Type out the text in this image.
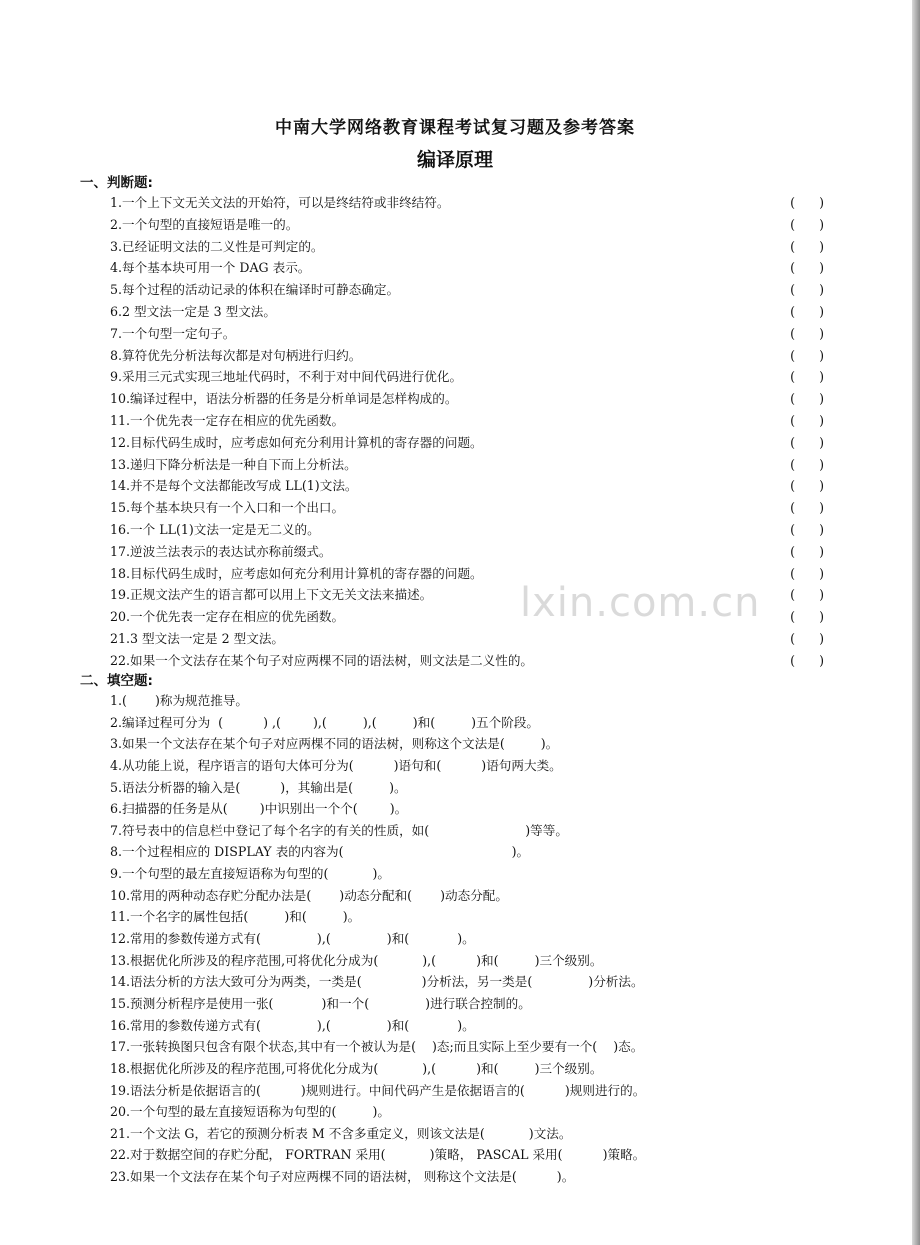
中南大学网络教育课程考试复习题及参考答案
编译原理
一、判断题:
1.一个上下文无关文法的开始符，可以是终结符或非终结符。	(      )
2.一个句型的直接短语是唯一的。	(      )
3.已经证明文法的二义性是可判定的。	(      )
4.每个基本块可用一个 DAG 表示。	(      )
5.每个过程的活动记录的体积在编译时可静态确定。	(      )
6.2 型文法一定是 3 型文法。	(      )
7.一个句型一定句子。	(      )
8.算符优先分析法每次都是对句柄进行归约。	(      )
9.采用三元式实现三地址代码时，不利于对中间代码进行优化。	(      )
10.编译过程中，语法分析器的任务是分析单词是怎样构成的。	(      )
11.一个优先表一定存在相应的优先函数。	(      )
12.目标代码生成时，应考虑如何充分利用计算机的寄存器的问题。	(      )
13.递归下降分析法是一种自下而上分析法。	(      )
14.并不是每个文法都能改写成 LL(1)文法。	(      )
15.每个基本块只有一个入口和一个出口。	(      )
16.一个 LL(1)文法一定是无二义的。	(      )
17.逆波兰法表示的表达试亦称前缀式。	(      )
18.目标代码生成时，应考虑如何充分利用计算机的寄存器的问题。	(      )
19.正规文法产生的语言都可以用上下文无关文法来描述。	(      )
20.一个优先表一定存在相应的优先函数。	(      )
21.3 型文法一定是 2 型文法。	(      )
22.如果一个文法存在某个句子对应两棵不同的语法树，则文法是二义性的。	(      )
二、填空题:
1.(       )称为规范推导。
2.编译过程可分为  (          ) ,(        ),(         ),(         )和(         )五个阶段。
3.如果一个文法存在某个句子对应两棵不同的语法树，则称这个文法是(         )。
4.从功能上说，程序语言的语句大体可分为(          )语句和(          )语句两大类。
5.语法分析器的输入是(          )，其输出是(         )。
6.扫描器的任务是从(        )中识别出一个个(        )。
7.符号表中的信息栏中登记了每个名字的有关的性质，如(                        )等等。
8.一个过程相应的 DISPLAY 表的内容为(                                          )。
9.一个句型的最左直接短语称为句型的(           )。
10.常用的两种动态存贮分配办法是(       )动态分配和(       )动态分配。
11.一个名字的属性包括(         )和(         )。
12.常用的参数传递方式有(              ),(              )和(            )。
13.根据优化所涉及的程序范围,可将优化分成为(           ),(          )和(         )三个级别。
14.语法分析的方法大致可分为两类，一类是(               )分析法，另一类是(              )分析法。
15.预测分析程序是使用一张(            )和一个(              )进行联合控制的。
16.常用的参数传递方式有(              ),(              )和(            )。
17.一张转换图只包含有限个状态,其中有一个被认为是(    )态;而且实际上至少要有一个(    )态。
18.根据优化所涉及的程序范围,可将优化分成为(           ),(          )和(         )三个级别。
19.语法分析是依据语言的(          )规则进行。中间代码产生是依据语言的(          )规则进行的。
20.一个句型的最左直接短语称为句型的(         )。
21.一个文法 G，若它的预测分析表 M 不含多重定义，则该文法是(           )文法。
22.对于数据空间的存贮分配， FORTRAN 采用(           )策略， PASCAL 采用(          )策略。
23.如果一个文法存在某个句子对应两棵不同的语法树， 则称这个文法是(          )。
lxin.com.cn
